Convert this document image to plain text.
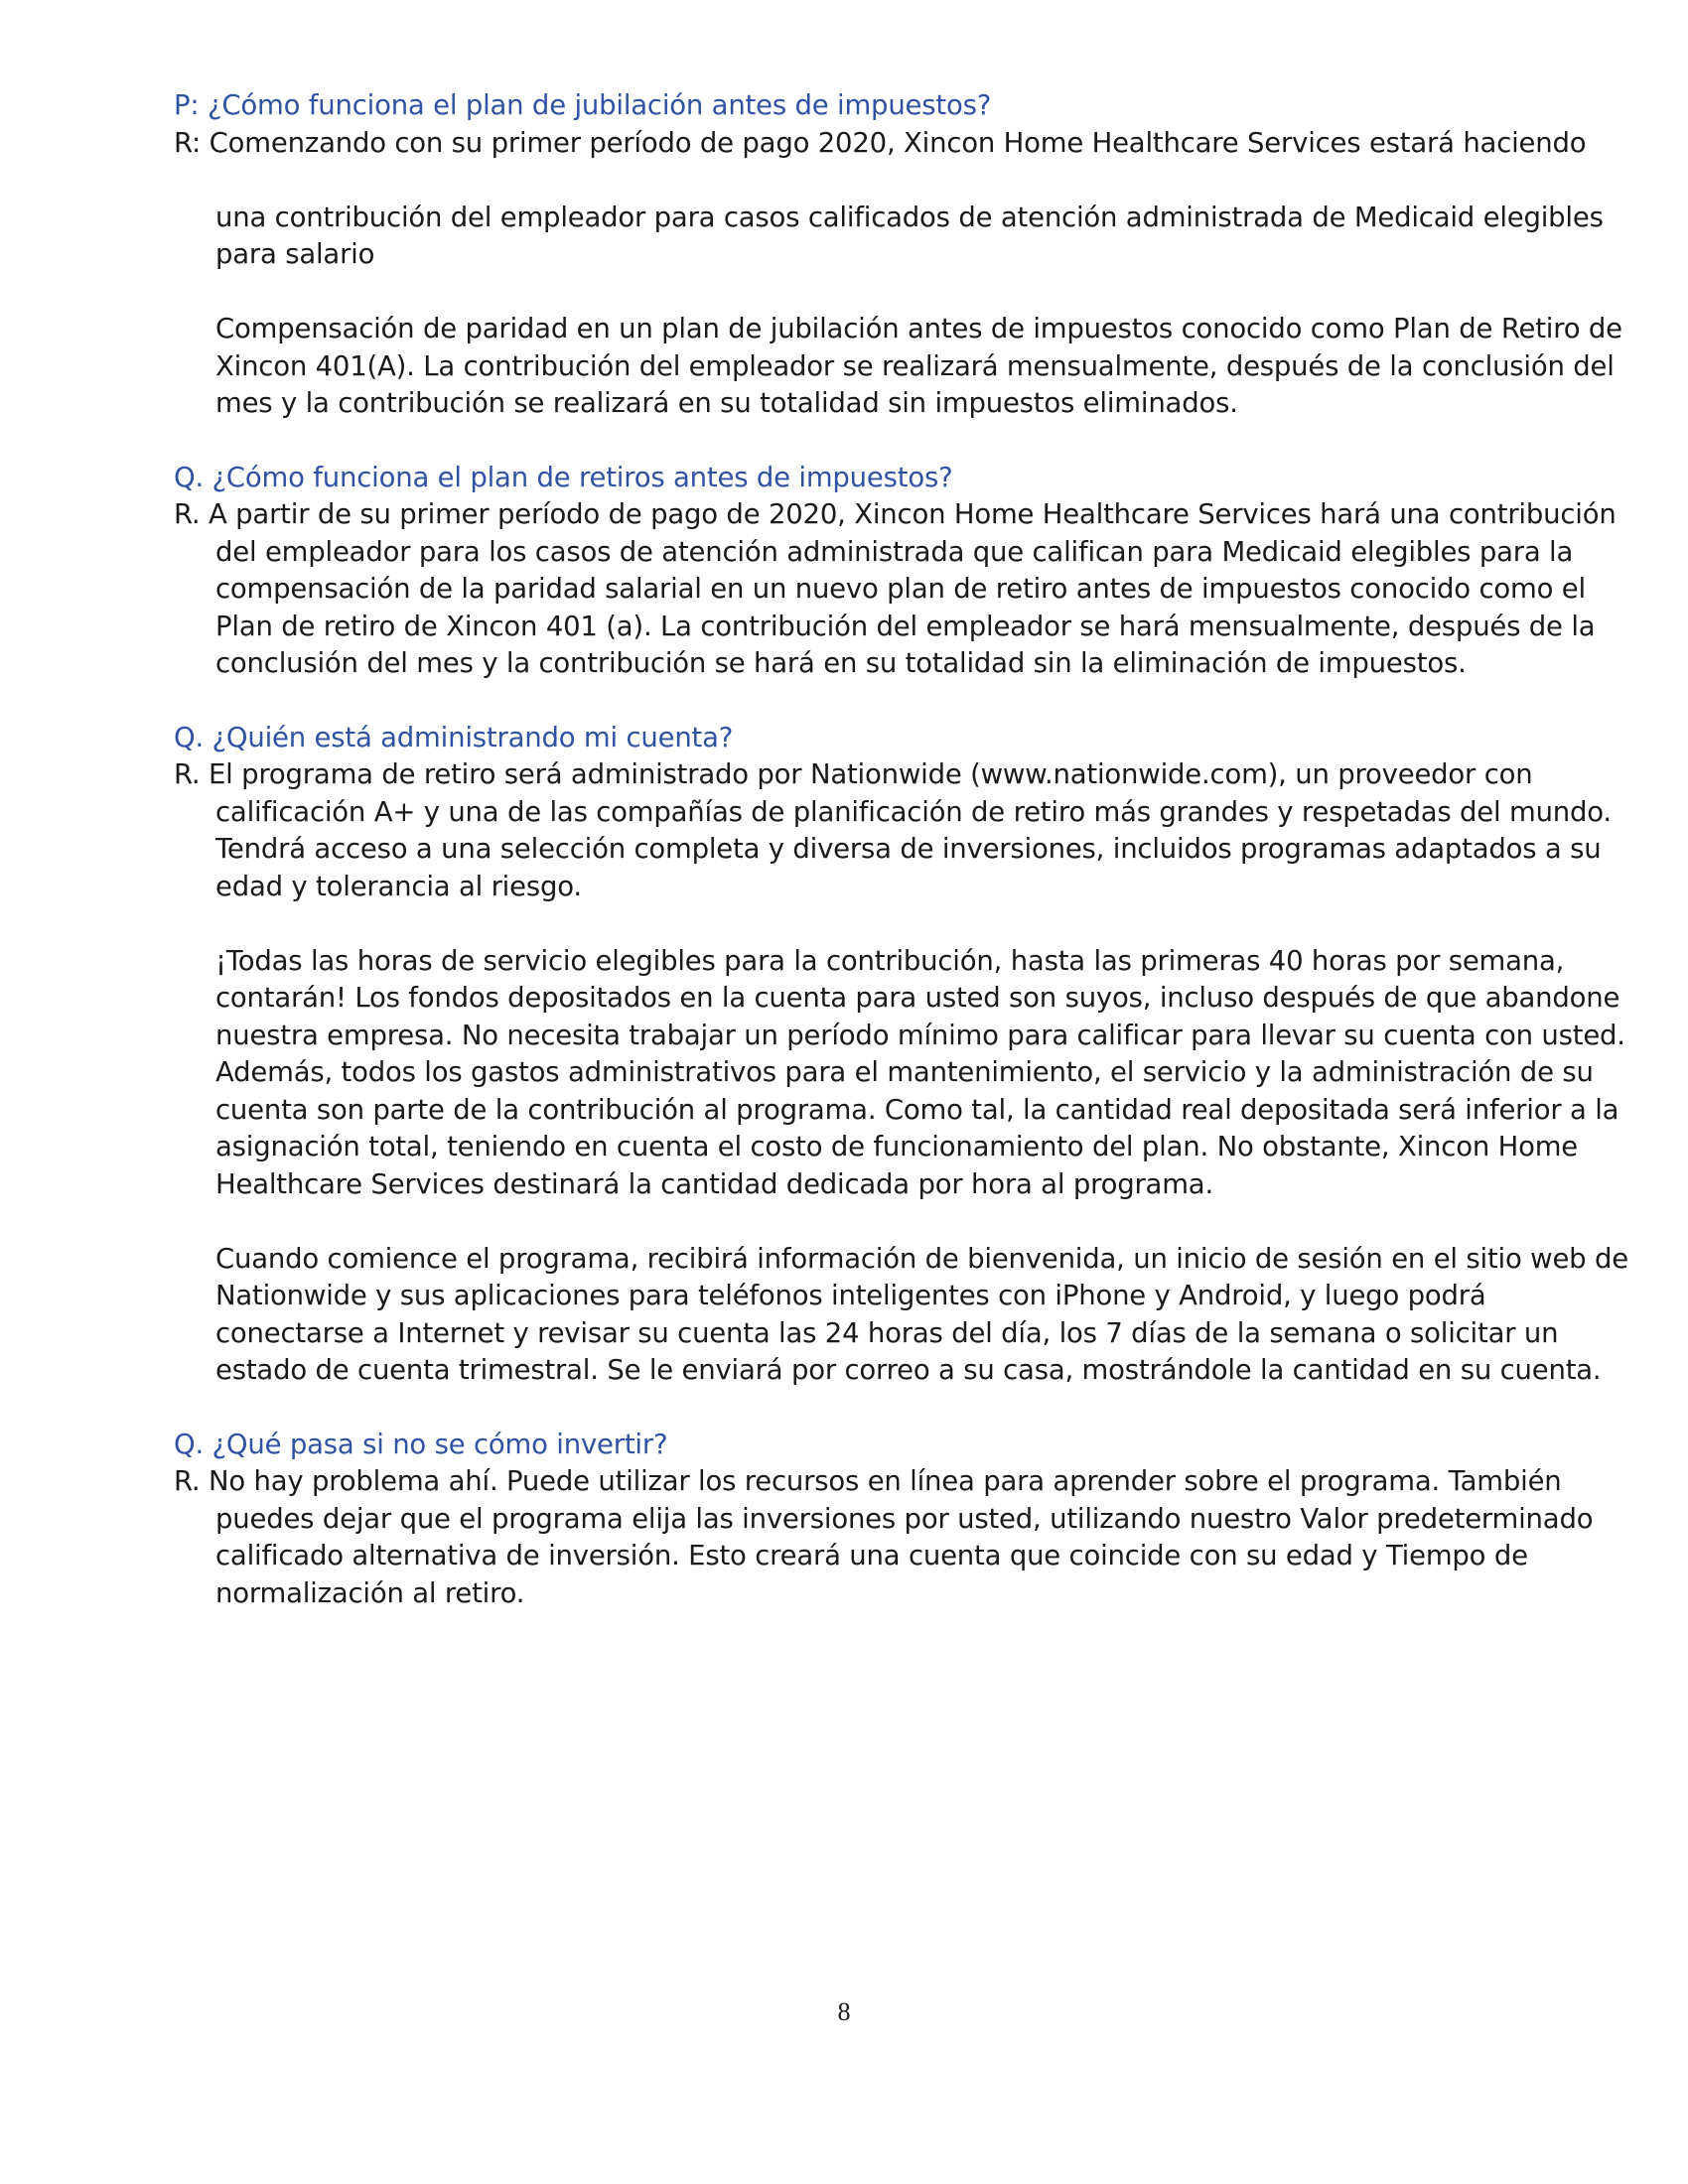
P: ¿Cómo funciona el plan de jubilación antes de impuestos?

R: Comenzando con su primer período de pago 2020, Xincon Home Healthcare Services estará haciendo

una contribución del empleador para casos calificados de atención administrada de Medicaid elegibles para salario

Compensación de paridad en un plan de jubilación antes de impuestos conocido como Plan de Retiro de Xincon 401(A). La contribución del empleador se realizará mensualmente, después de la conclusión del mes y la contribución se realizará en su totalidad sin impuestos eliminados.

Q. ¿Cómo funciona el plan de retiros antes de impuestos?

R. A partir de su primer período de pago de 2020, Xincon Home Healthcare Services hará una contribución del empleador para los casos de atención administrada que califican para Medicaid elegibles para la compensación de la paridad salarial en un nuevo plan de retiro antes de impuestos conocido como el Plan de retiro de Xincon 401 (a). La contribución del empleador se hará mensualmente, después de la conclusión del mes y la contribución se hará en su totalidad sin la eliminación de impuestos.

Q. ¿Quién está administrando mi cuenta?

R. El programa de retiro será administrado por Nationwide (www.nationwide.com), un proveedor con calificación A+ y una de las compañías de planificación de retiro más grandes y respetadas del mundo. Tendrá acceso a una selección completa y diversa de inversiones, incluidos programas adaptados a su edad y tolerancia al riesgo.

¡Todas las horas de servicio elegibles para la contribución, hasta las primeras 40 horas por semana, contarán! Los fondos depositados en la cuenta para usted son suyos, incluso después de que abandone nuestra empresa. No necesita trabajar un período mínimo para calificar para llevar su cuenta con usted. Además, todos los gastos administrativos para el mantenimiento, el servicio y la administración de su cuenta son parte de la contribución al programa. Como tal, la cantidad real depositada será inferior a la asignación total, teniendo en cuenta el costo de funcionamiento del plan. No obstante, Xincon Home Healthcare Services destinará la cantidad dedicada por hora al programa.

Cuando comience el programa, recibirá información de bienvenida, un inicio de sesión en el sitio web de Nationwide y sus aplicaciones para teléfonos inteligentes con iPhone y Android, y luego podrá conectarse a Internet y revisar su cuenta las 24 horas del día, los 7 días de la semana o solicitar un estado de cuenta trimestral. Se le enviará por correo a su casa, mostrándole la cantidad en su cuenta.

Q. ¿Qué pasa si no se cómo invertir?

R. No hay problema ahí. Puede utilizar los recursos en línea para aprender sobre el programa. También puedes dejar que el programa elija las inversiones por usted, utilizando nuestro Valor predeterminado calificado alternativa de inversión. Esto creará una cuenta que coincide con su edad y Tiempo de normalización al retiro.

8
